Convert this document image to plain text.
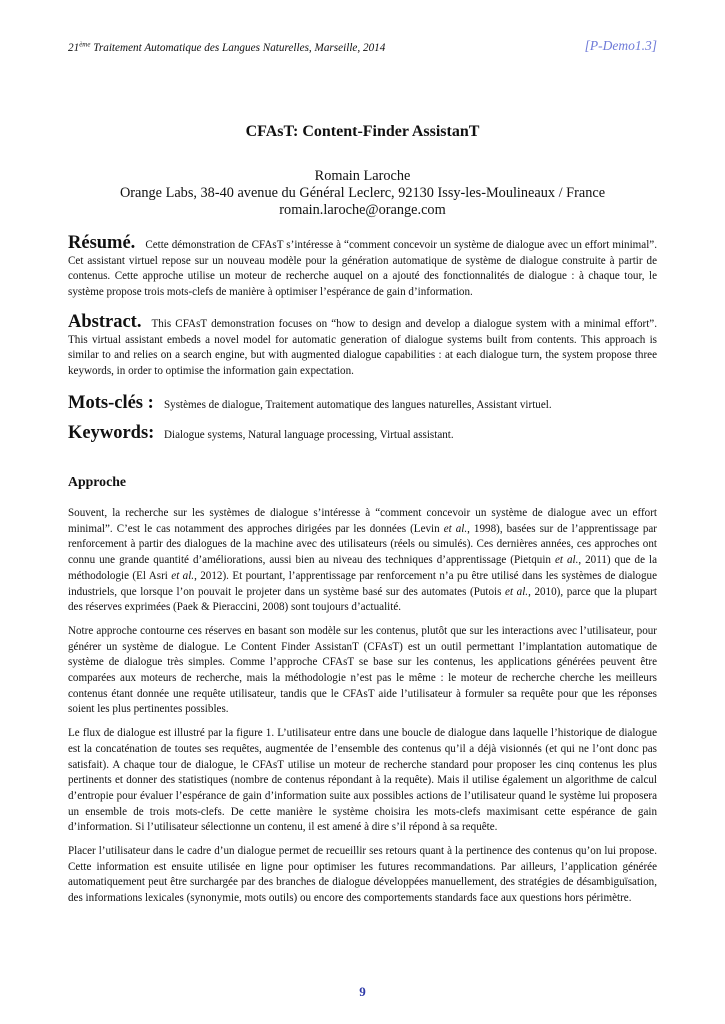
21ème Traitement Automatique des Langues Naturelles, Marseille, 2014	[P-Demo1.3]
CFAsT: Content-Finder AssistanT
Romain Laroche
Orange Labs, 38-40 avenue du Général Leclerc, 92130 Issy-les-Moulineaux / France
romain.laroche@orange.com

Résumé. Cette démonstration de CFAsT s’intéresse à “comment concevoir un système de dialogue avec un effort minimal”. Cet assistant virtuel repose sur un nouveau modèle pour la génération automatique de système de dialogue construite à partir de contenus. Cette approche utilise un moteur de recherche auquel on a ajouté des fonctionnalités de dialogue : à chaque tour, le système propose trois mots-clefs de manière à optimiser l’espérance de gain d’information.

Abstract. This CFAsT demonstration focuses on “how to design and develop a dialogue system with a minimal effort”. This virtual assistant embeds a novel model for automatic generation of dialogue systems built from contents. This approach is similar to and relies on a search engine, but with augmented dialogue capabilities : at each dialogue turn, the system propose three keywords, in order to optimise the information gain expectation.

Mots-clés : Systèmes de dialogue, Traitement automatique des langues naturelles, Assistant virtuel.
Keywords: Dialogue systems, Natural language processing, Virtual assistant.
Approche

Souvent, la recherche sur les systèmes de dialogue s’intéresse à “comment concevoir un système de dialogue avec un effort minimal”. C’est le cas notamment des approches dirigées par les données (Levin et al., 1998), basées sur de l’apprentissage par renforcement à partir des dialogues de la machine avec des utilisateurs (réels ou simulés). Ces dernières années, ces approches ont connu une grande quantité d’améliorations, aussi bien au niveau des techniques d’apprentissage (Pietquin et al., 2011) que de la méthodologie (El Asri et al., 2012). Et pourtant, l’apprentissage par renforcement n’a pu être utilisé dans les systèmes de dialogue industriels, que lorsque l’on pouvait le projeter dans un système basé sur des automates (Putois et al., 2010), parce que la plupart des réserves exprimées (Paek & Pieraccini, 2008) sont toujours d’actualité.

Notre approche contourne ces réserves en basant son modèle sur les contenus, plutôt que sur les interactions avec l’utilisateur, pour générer un système de dialogue. Le Content Finder AssistanT (CFAsT) est un outil permettant l’implantation automatique de système de dialogue très simples. Comme l’approche CFAsT se base sur les contenus, les applications générées peuvent être comparées aux moteurs de recherche, mais la méthodologie n’est pas le même : le moteur de recherche cherche les meilleurs contenus étant donnée une requête utilisateur, tandis que le CFAsT aide l’utilisateur à formuler sa requête pour que les réponses soient les plus pertinentes possibles.

Le flux de dialogue est illustré par la figure 1. L’utilisateur entre dans une boucle de dialogue dans laquelle l’historique de dialogue est la concaténation de toutes ses requêtes, augmentée de l’ensemble des contenus qu’il a déjà visionnés (et qui ne l’ont donc pas satisfait). A chaque tour de dialogue, le CFAsT utilise un moteur de recherche standard pour proposer les cinq contenus les plus pertinents et donner des statistiques (nombre de contenus répondant à la requête). Mais il utilise également un algorithme de calcul d’entropie pour évaluer l’espérance de gain d’information suite aux possibles actions de l’utilisateur quand le système lui proposera un ensemble de trois mots-clefs. De cette manière le système choisira les mots-clefs maximisant cette espérance de gain d’information. Si l’utilisateur sélectionne un contenu, il est amené à dire s’il répond à sa requête.

Placer l’utilisateur dans le cadre d’un dialogue permet de recueillir ses retours quant à la pertinence des contenus qu’on lui propose. Cette information est ensuite utilisée en ligne pour optimiser les futures recommandations. Par ailleurs, l’application générée automatiquement peut être surchargée par des branches de dialogue développées manuellement, des stratégies de désambiguïsation, des informations lexicales (synonymie, mots outils) ou encore des comportements standards face aux questions hors périmètre.

9
